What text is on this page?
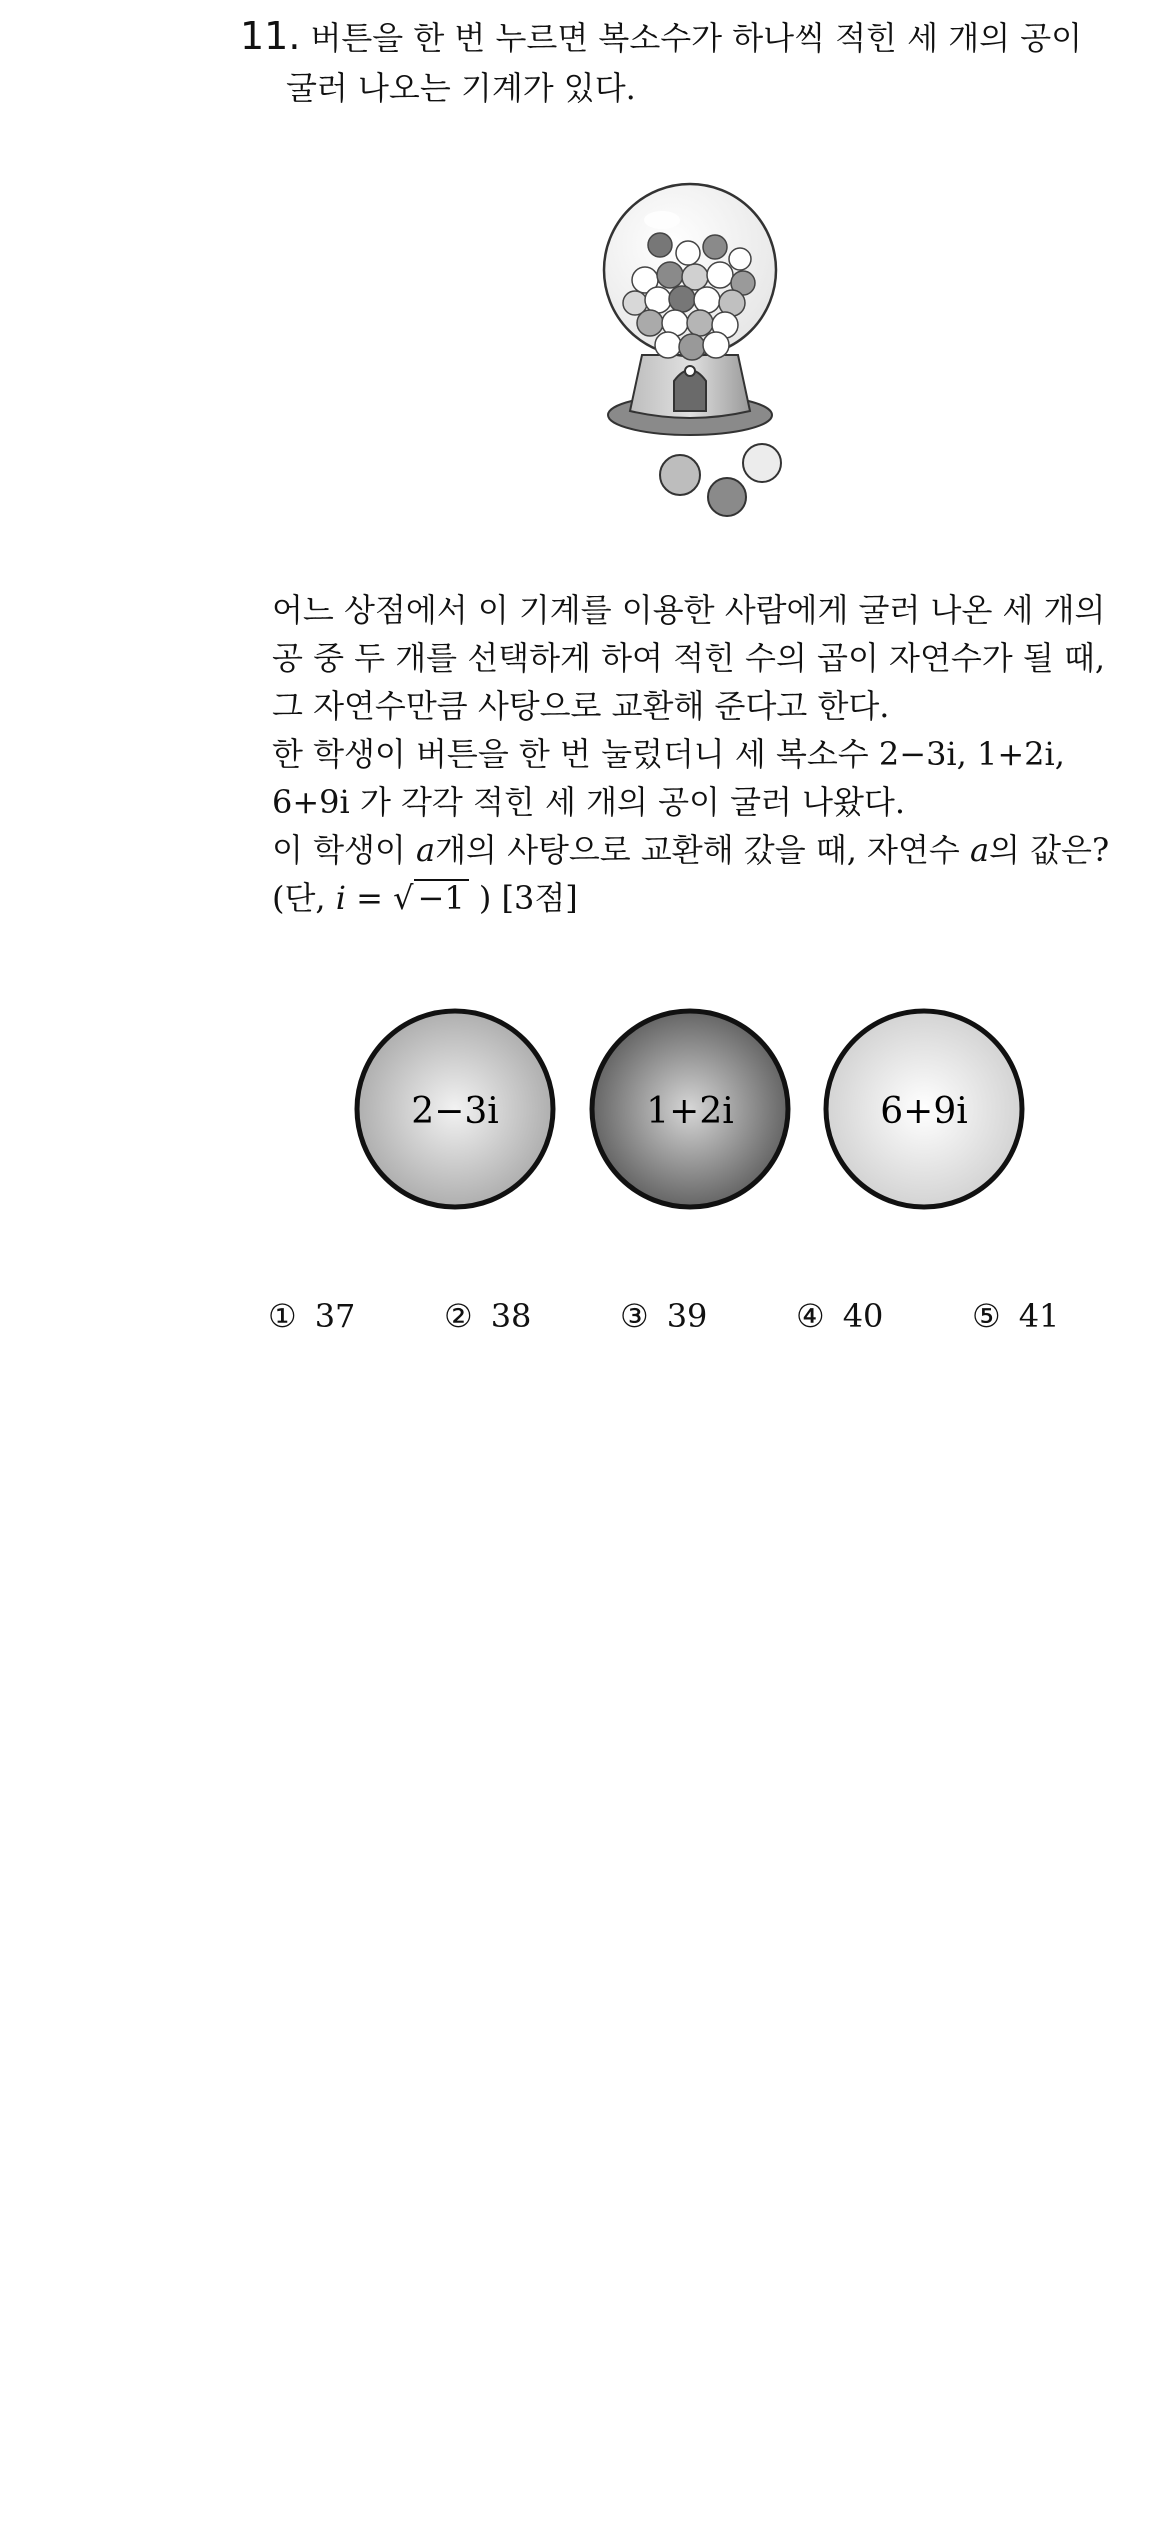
11. 버튼을 한 번 누르면 복소수가 하나씩 적힌 세 개의 공이
굴러 나오는 기계가 있다.

어느 상점에서 이 기계를 이용한 사람에게 굴러 나온 세 개의

공 중 두 개를 선택하게 하여 적힌 수의 곱이 자연수가 될 때,

그 자연수만큼 사탕으로 교환해 준다고 한다.

한 학생이 버튼을 한 번 눌렀더니 세 복소수 2−3i, 1+2i,

6+9i 가 각각 적힌 세 개의 공이 굴러 나왔다.

이 학생이 a개의 사탕으로 교환해 갔을 때, 자연수 a의 값은?

(단, i = √ −1 ) [3점]

2−3i	1+2i	6+9i
① 37	② 38	③ 39	④ 40	⑤ 41
